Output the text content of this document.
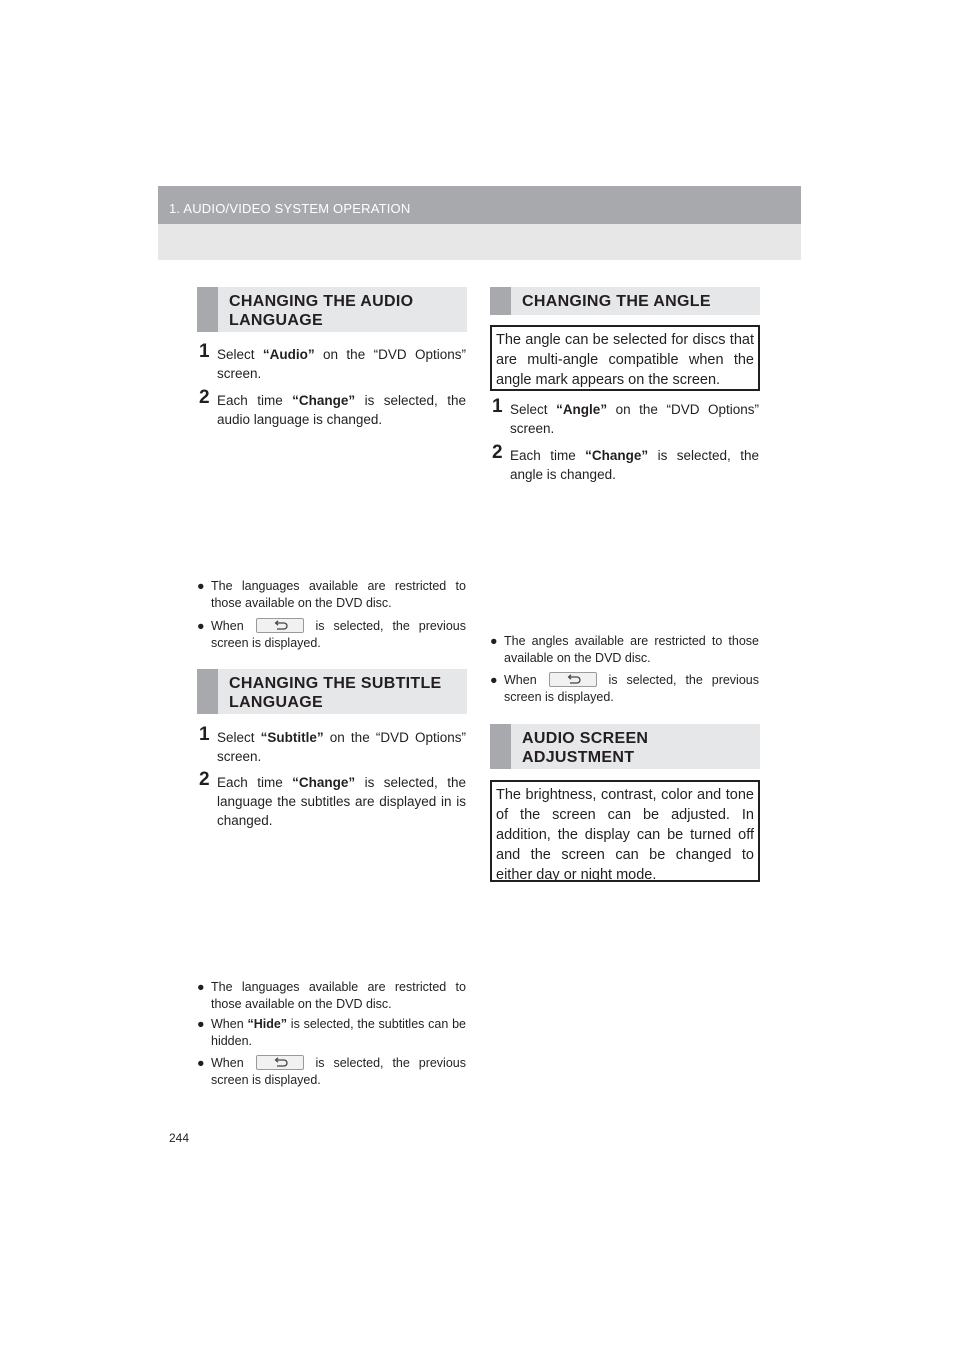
1. AUDIO/VIDEO SYSTEM OPERATION
CHANGING THE AUDIO LANGUAGE
1 Select “Audio” on the “DVD Options” screen.
2 Each time “Change” is selected, the audio language is changed.
● The languages available are restricted to those available on the DVD disc.
● When	is selected, the previous screen is displayed.
CHANGING THE SUBTITLE LANGUAGE
1 Select “Subtitle” on the “DVD Options” screen.
2 Each time “Change” is selected, the language the subtitles are displayed in is changed.
● The languages available are restricted to those available on the DVD disc.
● When “Hide” is selected, the subtitles can be hidden.
● When	is selected, the previous screen is displayed.
CHANGING THE ANGLE
The angle can be selected for discs that are multi-angle compatible when the angle mark appears on the screen.
1 Select “Angle” on the “DVD Options” screen.
2 Each time “Change” is selected, the angle is changed.
● The angles available are restricted to those available on the DVD disc.
● When	is selected, the previous screen is displayed.
AUDIO SCREEN ADJUSTMENT
The brightness, contrast, color and tone of the screen can be adjusted. In addition, the display can be turned off and the screen can be changed to either day or night mode.
244
